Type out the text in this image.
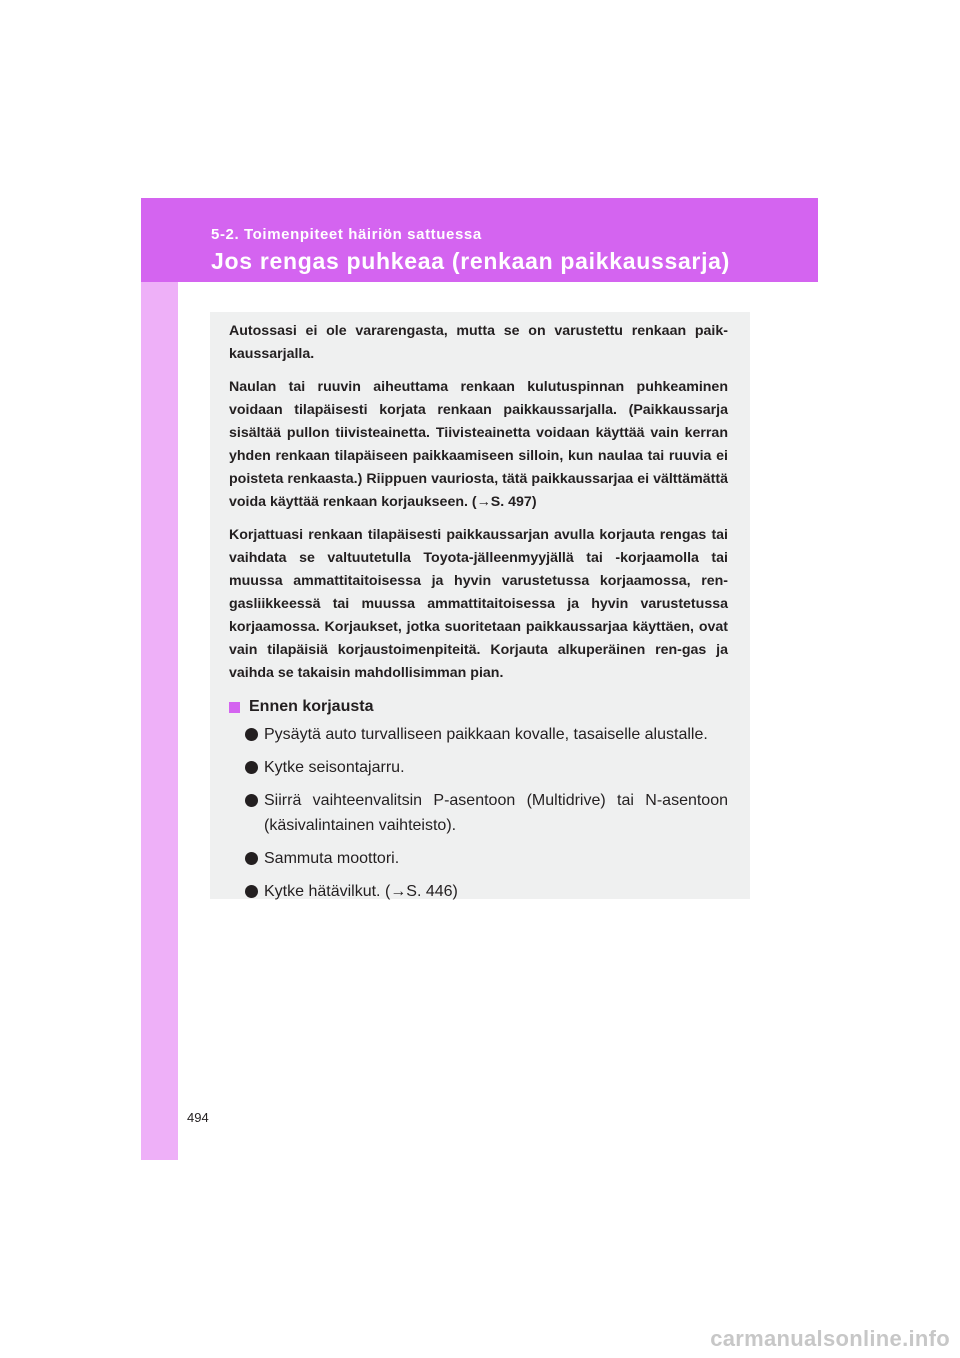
5-2. Toimenpiteet häiriön sattuessa
Jos rengas puhkeaa (renkaan paikkaussarja)

Autossasi ei ole vararengasta, mutta se on varustettu renkaan paik-kaussarjalla.

Naulan tai ruuvin aiheuttama renkaan kulutuspinnan puhkeaminen voidaan tilapäisesti korjata renkaan paikkaussarjalla. (Paikkaussarja sisältää pullon tiivisteainetta. Tiivisteainetta voidaan käyttää vain kerran yhden renkaan tilapäiseen paikkaamiseen silloin, kun naulaa tai ruuvia ei poisteta renkaasta.) Riippuen vauriosta, tätä paikkaussarjaa ei välttämättä voida käyttää renkaan korjaukseen. (→S. 497)

Korjattuasi renkaan tilapäisesti paikkaussarjan avulla korjauta rengas tai vaihdata se valtuutetulla Toyota-jälleenmyyjällä tai -korjaamolla tai muussa ammattitaitoisessa ja hyvin varustetussa korjaamossa, ren-gasliikkeessä tai muussa ammattitaitoisessa ja hyvin varustetussa korjaamossa. Korjaukset, jotka suoritetaan paikkaussarjaa käyttäen, ovat vain tilapäisiä korjaustoimenpiteitä. Korjauta alkuperäinen ren-gas ja vaihda se takaisin mahdollisimman pian.

Ennen korjausta
Pysäytä auto turvalliseen paikkaan kovalle, tasaiselle alustalle.
Kytke seisontajarru.
Siirrä vaihteenvalitsin P-asentoon (Multidrive) tai N-asentoon (käsivalintainen vaihteisto).
Sammuta moottori.
Kytke hätävilkut. (→S. 446)
494
carmanualsonline.info
